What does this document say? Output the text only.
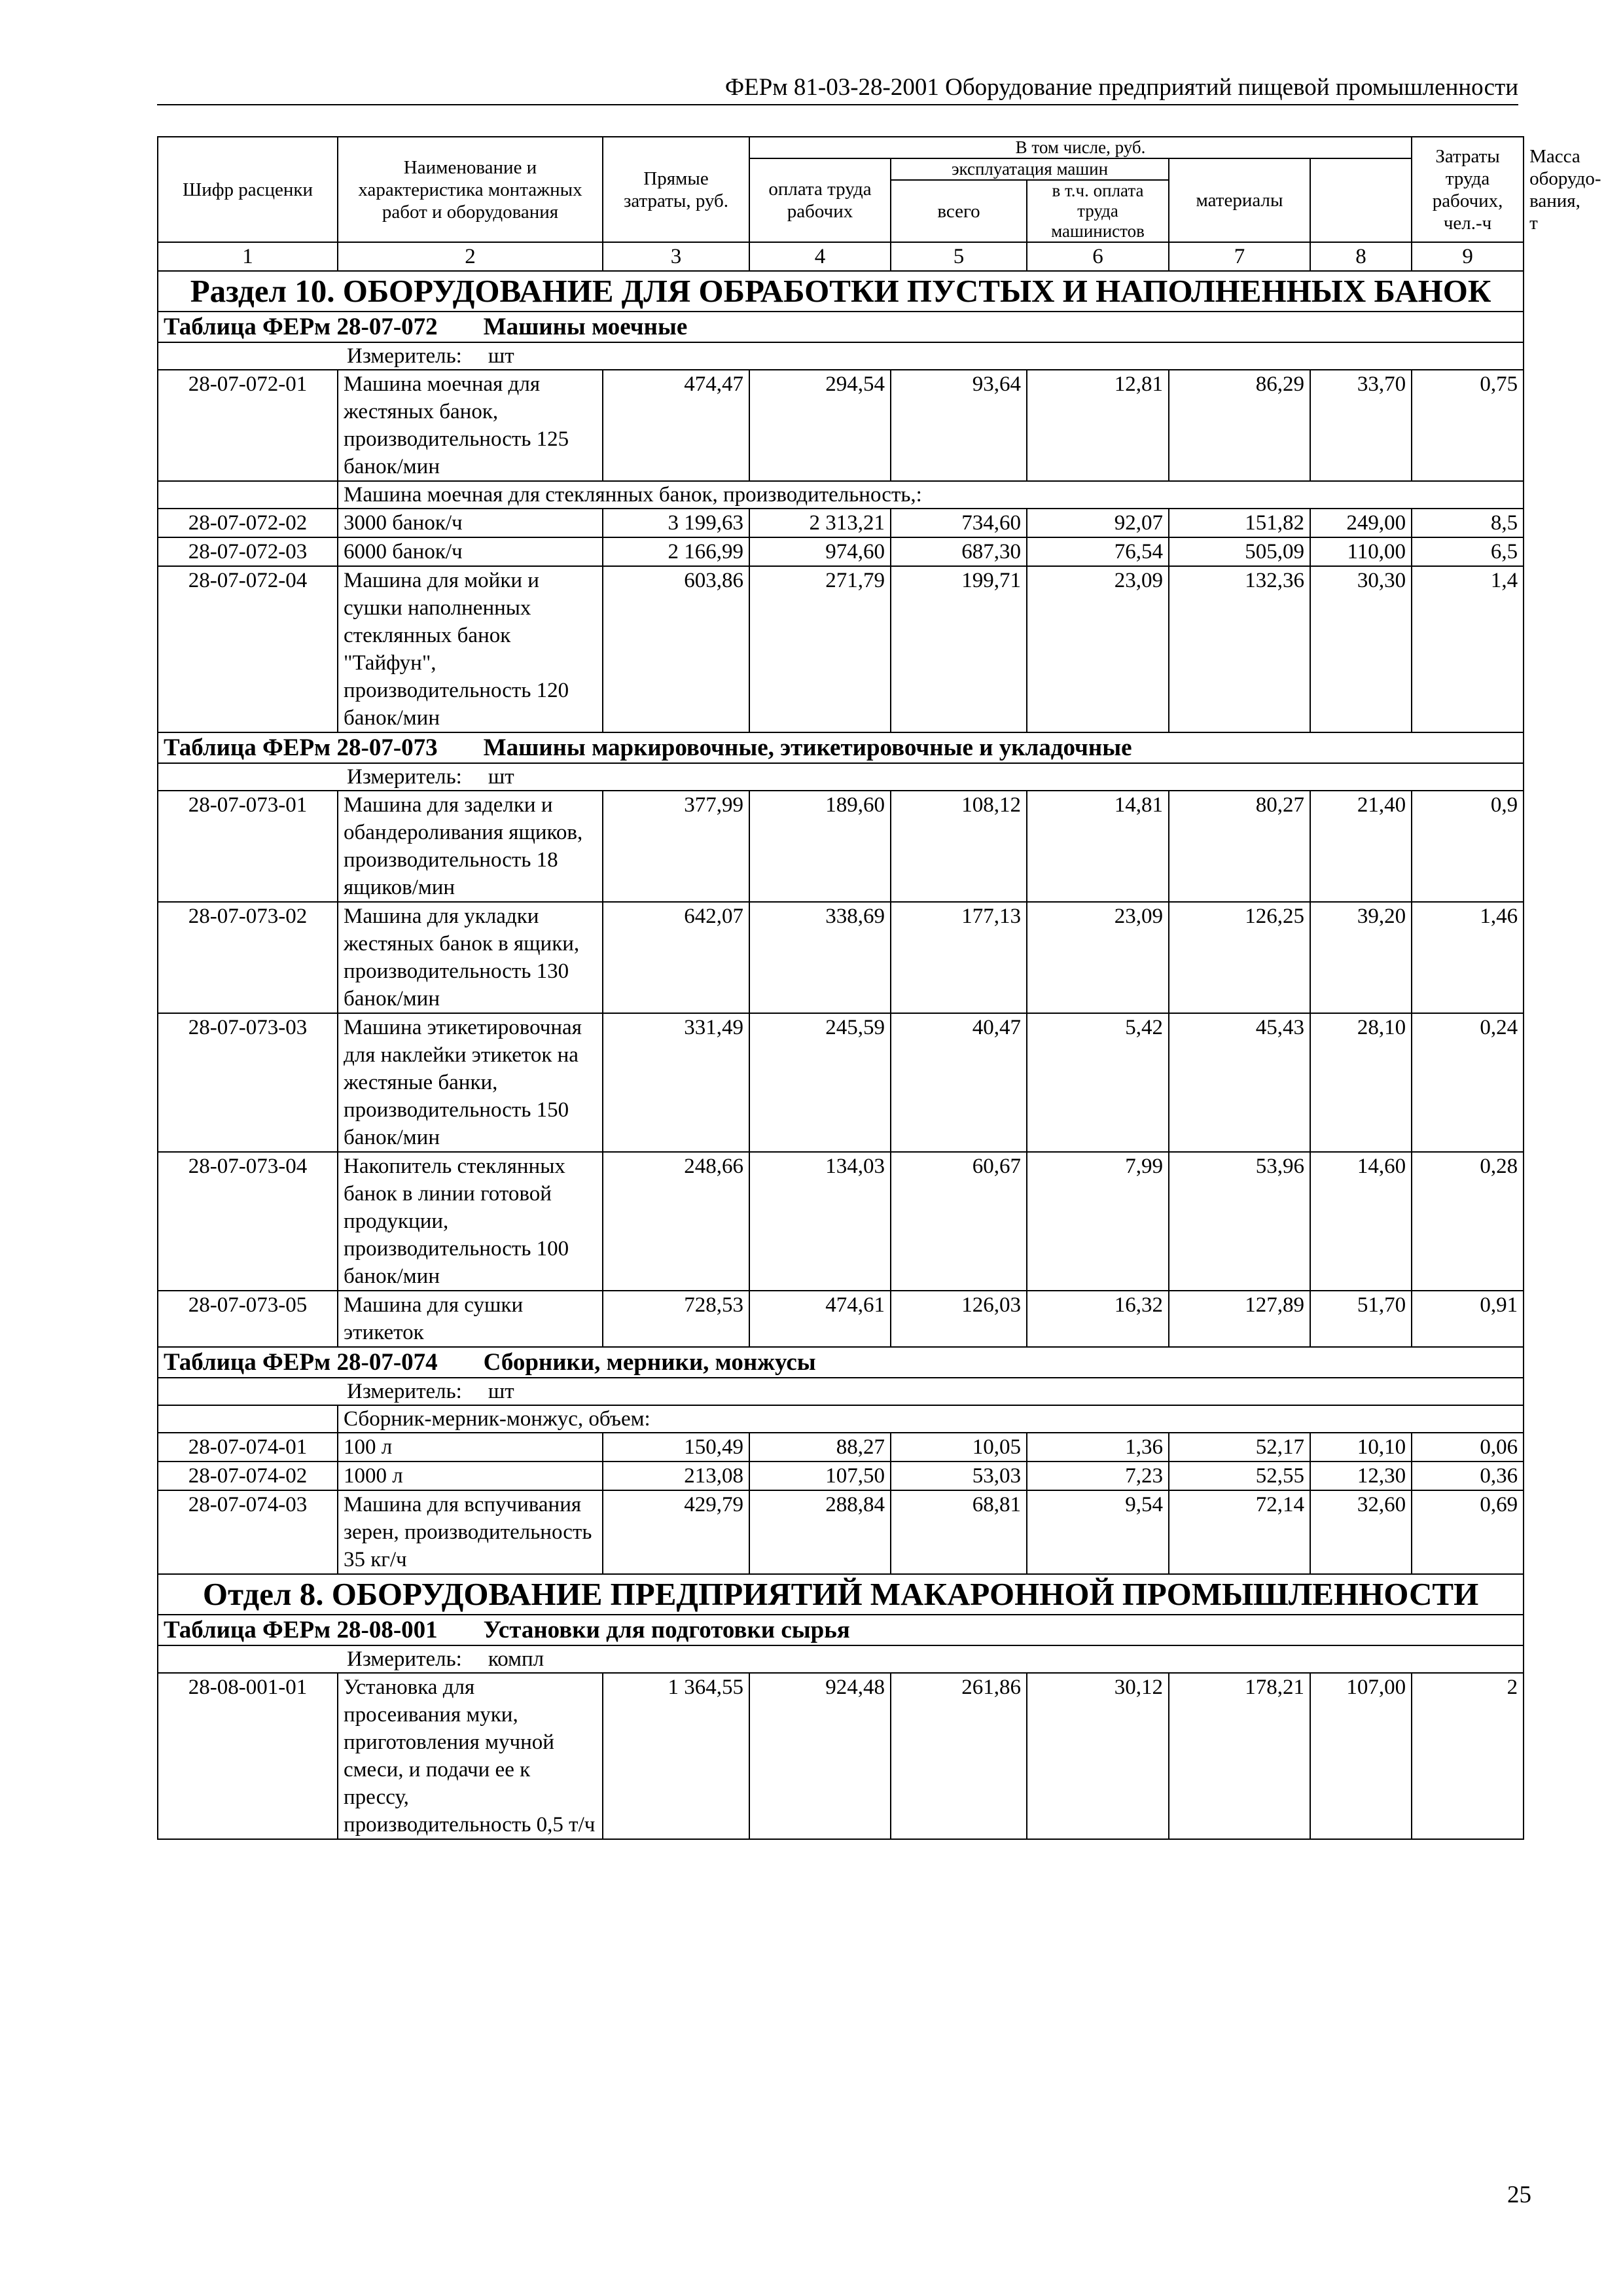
ФЕРм 81-03-28-2001 Оборудование предприятий пищевой промышленности
Шифр расценки	Наименование и характеристика монтажных работ и оборудования	Прямые затраты, руб.	В том числе, руб.					Затраты труда рабочих, чел.-ч	Масса оборудо-вания, т
			оплата труда рабочих	эксплуатация машин		материалы			
				всего	в т.ч. оплата труда машинистов				
1	2	3	4	5	6	7	8	9	
Раздел 10. ОБОРУДОВАНИЕ ДЛЯ ОБРАБОТКИ ПУСТЫХ И НАПОЛНЕННЫХ БАНОК									
Таблица ФЕРм 28-07-072 Машины моечные									
Измеритель: шт									
28-07-072-01	Машина моечная для жестяных банок, производительность 125 банок/мин	474,47	294,54	93,64	12,81	86,29	33,70	0,75	
	Машина моечная для стеклянных банок, производительность,:								
28-07-072-02	3000 банок/ч	3 199,63	2 313,21	734,60	92,07	151,82	249,00	8,5	
28-07-072-03	6000 банок/ч	2 166,99	974,60	687,30	76,54	505,09	110,00	6,5	
28-07-072-04	Машина для мойки и сушки наполненных стеклянных банок "Тайфун", производительность 120 банок/мин	603,86	271,79	199,71	23,09	132,36	30,30	1,4	
Таблица ФЕРм 28-07-073 Машины маркировочные, этикетировочные и укладочные									
Измеритель: шт									
28-07-073-01	Машина для заделки и обандероливания ящиков, производительность 18 ящиков/мин	377,99	189,60	108,12	14,81	80,27	21,40	0,9	
28-07-073-02	Машина для укладки жестяных банок в ящики, производительность 130 банок/мин	642,07	338,69	177,13	23,09	126,25	39,20	1,46	
28-07-073-03	Машина этикетировочная для наклейки этикеток на жестяные банки, производительность 150 банок/мин	331,49	245,59	40,47	5,42	45,43	28,10	0,24	
28-07-073-04	Накопитель стеклянных банок в линии готовой продукции, производительность 100 банок/мин	248,66	134,03	60,67	7,99	53,96	14,60	0,28	
28-07-073-05	Машина для сушки этикеток	728,53	474,61	126,03	16,32	127,89	51,70	0,91	
Таблица ФЕРм 28-07-074 Сборники, мерники, монжусы									
Измеритель: шт									
	Сборник-мерник-монжус, объем:								
28-07-074-01	100 л	150,49	88,27	10,05	1,36	52,17	10,10	0,06	
28-07-074-02	1000 л	213,08	107,50	53,03	7,23	52,55	12,30	0,36	
28-07-074-03	Машина для вспучивания зерен, производительность 35 кг/ч	429,79	288,84	68,81	9,54	72,14	32,60	0,69	
Отдел 8. ОБОРУДОВАНИЕ ПРЕДПРИЯТИЙ МАКАРОННОЙ ПРОМЫШЛЕННОСТИ									
Таблица ФЕРм 28-08-001 Установки для подготовки сырья									
Измеритель: компл									
28-08-001-01	Установка для просеивания муки, приготовления мучной смеси, и подачи ее к прессу, производительность 0,5 т/ч	1 364,55	924,48	261,86	30,12	178,21	107,00	2	
25
